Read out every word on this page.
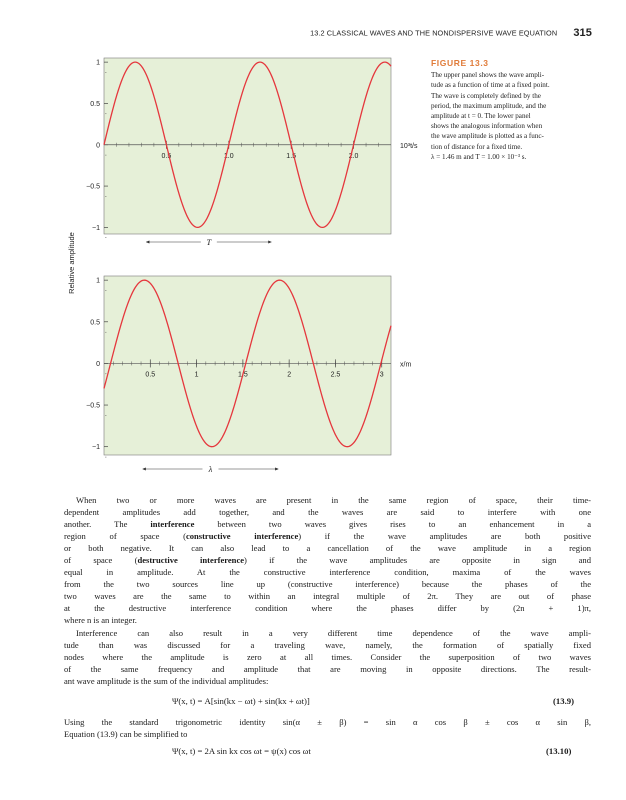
13.2 CLASSICAL WAVES AND THE NONDISPERSIVE WAVE EQUATION 315
FIGURE 13.3
The upper panel shows the wave ampli-
tude as a function of time at a fixed point.
The wave is completely defined by the
period, the maximum amplitude, and the
amplitude at t = 0. The lower panel
shows the analogous information when
the wave amplitude is plotted as a func-
tion of distance for a fixed time.
λ = 1.46 m and T = 1.00 × 10⁻³ s.
Relative amplitude
1
0.5
0
−0.5
−1
0.5	1.0	1.5	2.0
10³t/s
T
1
0.5
0
−0.5
−1
0.5	1	1.5	2	2.5	3
x/m
λ
When two or more waves are present in the same region of space, their time-
dependent amplitudes add together, and the waves are said to interfere with one
another. The interference between two waves gives rises to an enhancement in a
region of space (constructive interference) if the wave amplitudes are both positive
or both negative. It can also lead to a cancellation of the wave amplitude in a region
of space (destructive interference) if the wave amplitudes are opposite in sign and
equal in amplitude. At the constructive interference condition, maxima of the waves
from the two sources line up (constructive interference) because the phases of the
two waves are the same to within an integral multiple of 2π. They are out of phase
at the destructive interference condition where the phases differ by (2n + 1)π,
where n is an integer.
Interference can also result in a very different time dependence of the wave ampli-
tude than was discussed for a traveling wave, namely, the formation of spatially fixed
nodes where the amplitude is zero at all times. Consider the superposition of two waves
of the same frequency and amplitude that are moving in opposite directions. The result-
ant wave amplitude is the sum of the individual amplitudes:
Ψ(x, t) = A[sin(kx − ωt) + sin(kx + ωt)]	(13.9)
Using the standard trigonometric identity sin(α ± β) = sin α cos β ± cos α sin β,
Equation (13.9) can be simplified to
Ψ(x, t) = 2A sin kx cos ωt = ψ(x) cos ωt	(13.10)
